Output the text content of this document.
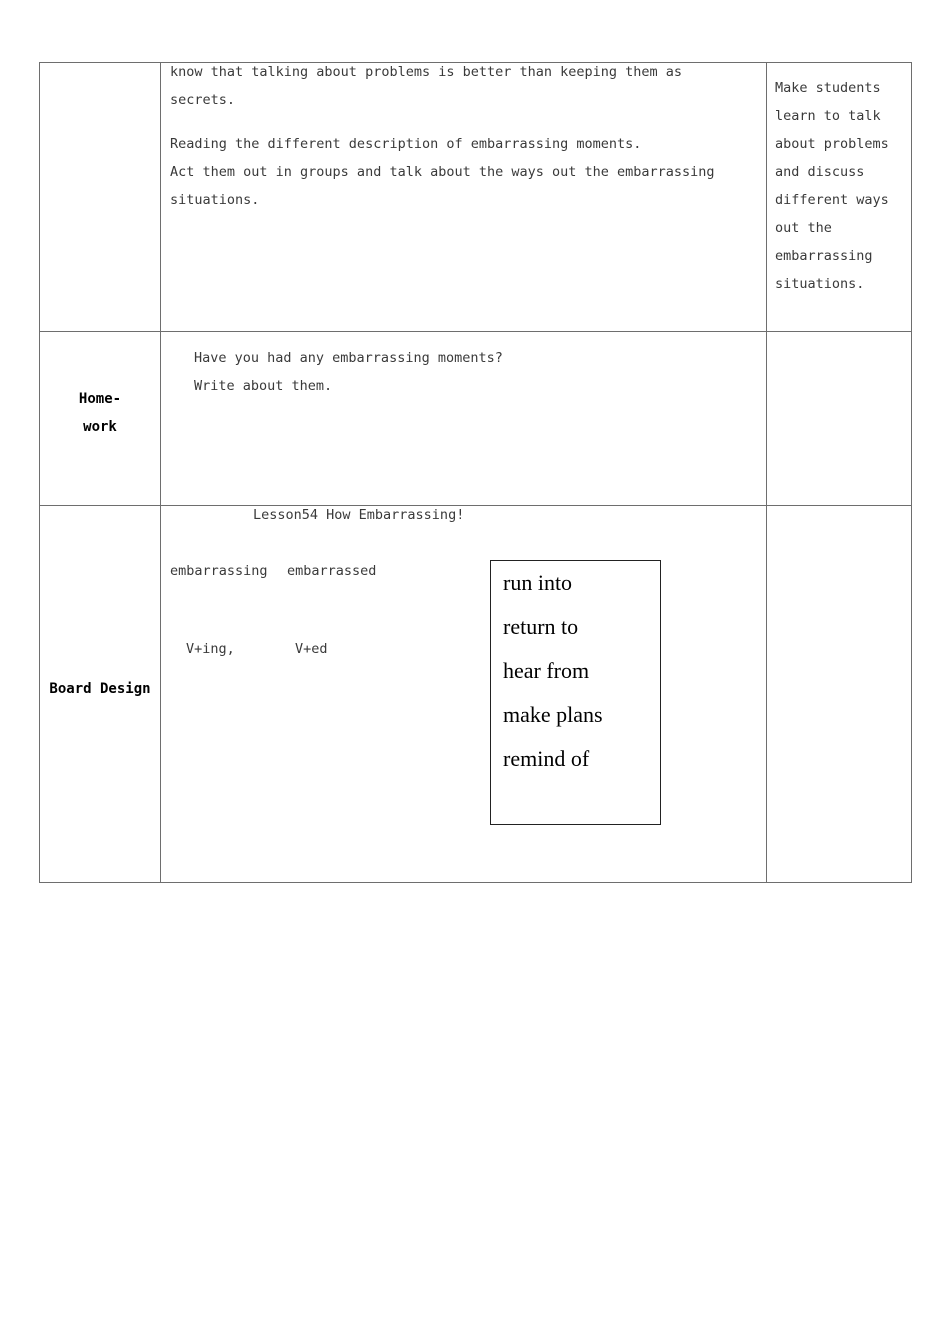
know that talking about problems is better than keeping them as
secrets.
Reading the different description of embarrassing moments.
Act them out in groups and talk about the ways out the embarrassing
situations.
Make students
learn to talk
about problems
and discuss
different ways
out the
embarrassing
situations.
Home-
work
Have you had any embarrassing moments?
Write about them.
Board Design
Lesson54 How Embarrassing!
embarrassing embarrassed
V+ing,	V+ed
run into
return to
hear from
make plans
remind of
